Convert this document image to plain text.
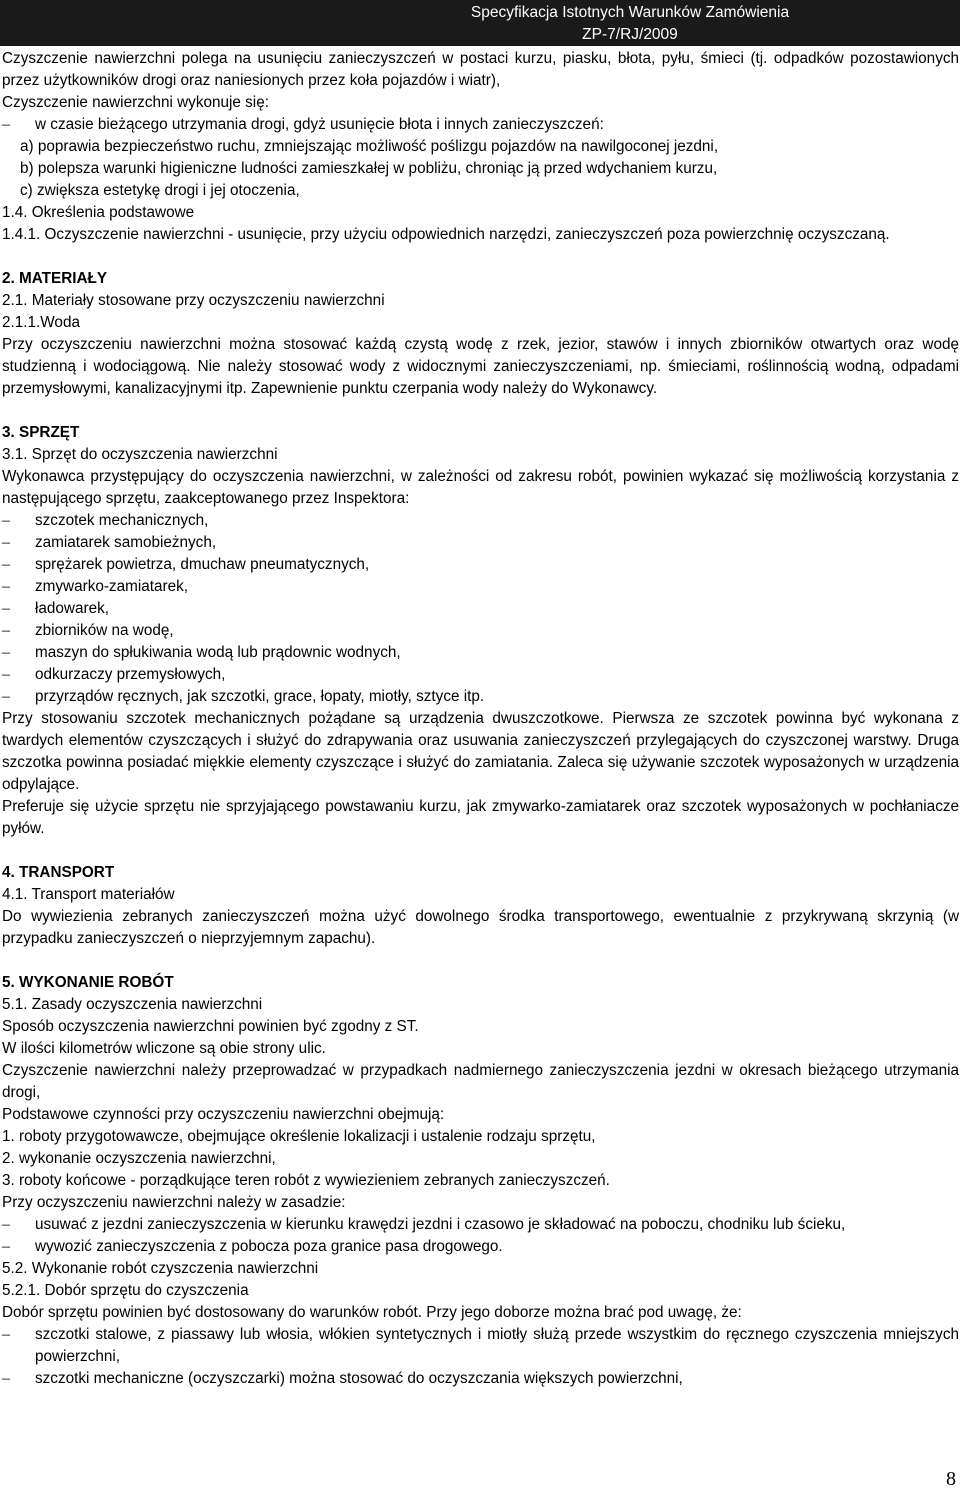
Specyfikacja Istotnych Warunków Zamówienia
ZP-7/RJ/2009

Czyszczenie nawierzchni polega na usunięciu zanieczyszczeń w postaci kurzu, piasku, błota, pyłu, śmieci (tj. odpadków pozostawionych przez użytkowników drogi oraz naniesionych przez koła pojazdów i wiatr),

Czyszczenie nawierzchni wykonuje się:

– w czasie bieżącego utrzymania drogi, gdyż usunięcie błota i innych zanieczyszczeń:

a) poprawia bezpieczeństwo ruchu, zmniejszając możliwość poślizgu pojazdów na nawilgoconej jezdni,

b) polepsza warunki higieniczne ludności zamieszkałej w pobliżu, chroniąc ją przed wdychaniem kurzu,

c) zwiększa estetykę drogi i jej otoczenia,

1.4. Określenia podstawowe

1.4.1. Oczyszczenie nawierzchni - usunięcie, przy użyciu odpowiednich narzędzi, zanieczyszczeń poza powierzchnię oczyszczaną.

2. MATERIAŁY

2.1. Materiały stosowane przy oczyszczeniu nawierzchni

2.1.1.Woda

Przy oczyszczeniu nawierzchni można stosować każdą czystą wodę z rzek, jezior, stawów i innych zbiorników otwartych oraz wodę studzienną i wodociągową. Nie należy stosować wody z widocznymi zanieczyszczeniami, np. śmieciami, roślinnością wodną, odpadami przemysłowymi, kanalizacyjnymi itp. Zapewnienie punktu czerpania wody należy do Wykonawcy.

3. SPRZĘT

3.1. Sprzęt do oczyszczenia nawierzchni

Wykonawca przystępujący do oczyszczenia nawierzchni, w zależności od zakresu robót, powinien wykazać się możliwością korzystania z następującego sprzętu, zaakceptowanego przez Inspektora:

– szczotek mechanicznych,

– zamiatarek samobieżnych,

– sprężarek powietrza, dmuchaw pneumatycznych,

– zmywarko-zamiatarek,

– ładowarek,

– zbiorników na wodę,

– maszyn do spłukiwania wodą lub prądownic wodnych,

– odkurzaczy przemysłowych,

– przyrządów ręcznych, jak szczotki, grace, łopaty, miotły, sztyce itp.

Przy stosowaniu szczotek mechanicznych pożądane są urządzenia dwuszczotkowe. Pierwsza ze szczotek powinna być wykonana z twardych elementów czyszczących i służyć do zdrapywania oraz usuwania zanieczyszczeń przylegających do czyszczonej warstwy. Druga szczotka powinna posiadać miękkie elementy czyszczące i służyć do zamiatania. Zaleca się używanie szczotek wyposażonych w urządzenia odpylające.

Preferuje się użycie sprzętu nie sprzyjającego powstawaniu kurzu, jak zmywarko-zamiatarek oraz szczotek wyposażonych w pochłaniacze pyłów.

4. TRANSPORT

4.1. Transport materiałów

Do wywiezienia zebranych zanieczyszczeń można użyć dowolnego środka transportowego, ewentualnie z przykrywaną skrzynią (w przypadku zanieczyszczeń o nieprzyjemnym zapachu).

5. WYKONANIE ROBÓT

5.1. Zasady oczyszczenia nawierzchni

Sposób oczyszczenia nawierzchni powinien być zgodny z ST.

W ilości kilometrów wliczone są obie strony ulic.

Czyszczenie nawierzchni należy przeprowadzać w przypadkach nadmiernego zanieczyszczenia jezdni w okresach bieżącego utrzymania drogi,

Podstawowe czynności przy oczyszczeniu nawierzchni obejmują:

1. roboty przygotowawcze, obejmujące określenie lokalizacji i ustalenie rodzaju sprzętu,

2. wykonanie oczyszczenia nawierzchni,

3. roboty końcowe - porządkujące teren robót z wywiezieniem zebranych zanieczyszczeń.

Przy oczyszczeniu nawierzchni należy w zasadzie:

– usuwać z jezdni zanieczyszczenia w kierunku krawędzi jezdni i czasowo je składować na poboczu, chodniku lub ścieku,

– wywozić zanieczyszczenia z pobocza poza granice pasa drogowego.

5.2. Wykonanie robót czyszczenia nawierzchni

5.2.1. Dobór sprzętu do czyszczenia

Dobór sprzętu powinien być dostosowany do warunków robót. Przy jego doborze można brać pod uwagę, że:

– szczotki stalowe, z piassawy lub włosia, włókien syntetycznych i miotły służą przede wszystkim do ręcznego czyszczenia mniejszych powierzchni,

– szczotki mechaniczne (oczyszczarki) można stosować do oczyszczania większych powierzchni,

8
